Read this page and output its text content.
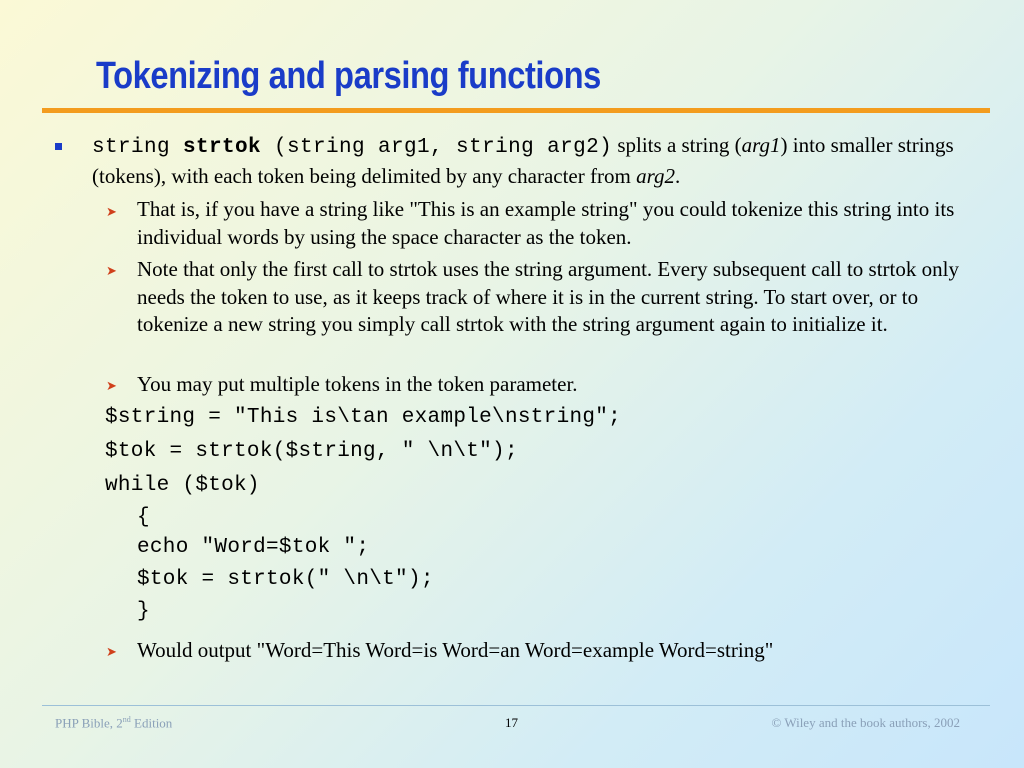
Tokenizing and parsing functions
string strtok (string arg1, string arg2) splits a string (arg1) into smaller strings (tokens), with each token being delimited by any character from arg2.
➤ That is, if you have a string like "This is an example string" you could tokenize this string into its individual words by using the space character as the token.
➤ Note that only the first call to strtok uses the string argument. Every subsequent call to strtok only needs the token to use, as it keeps track of where it is in the current string. To start over, or to tokenize a new string you simply call strtok with the string argument again to initialize it.
➤ You may put multiple tokens in the token parameter.
$string = "This is\tan example\nstring";
$tok = strtok($string, " \n\t");
while ($tok)
{
echo "Word=$tok ";
$tok = strtok(" \n\t");
}
➤ Would output "Word=This Word=is Word=an Word=example Word=string"
PHP Bible, 2nd Edition	17	© Wiley and the book authors, 2002
